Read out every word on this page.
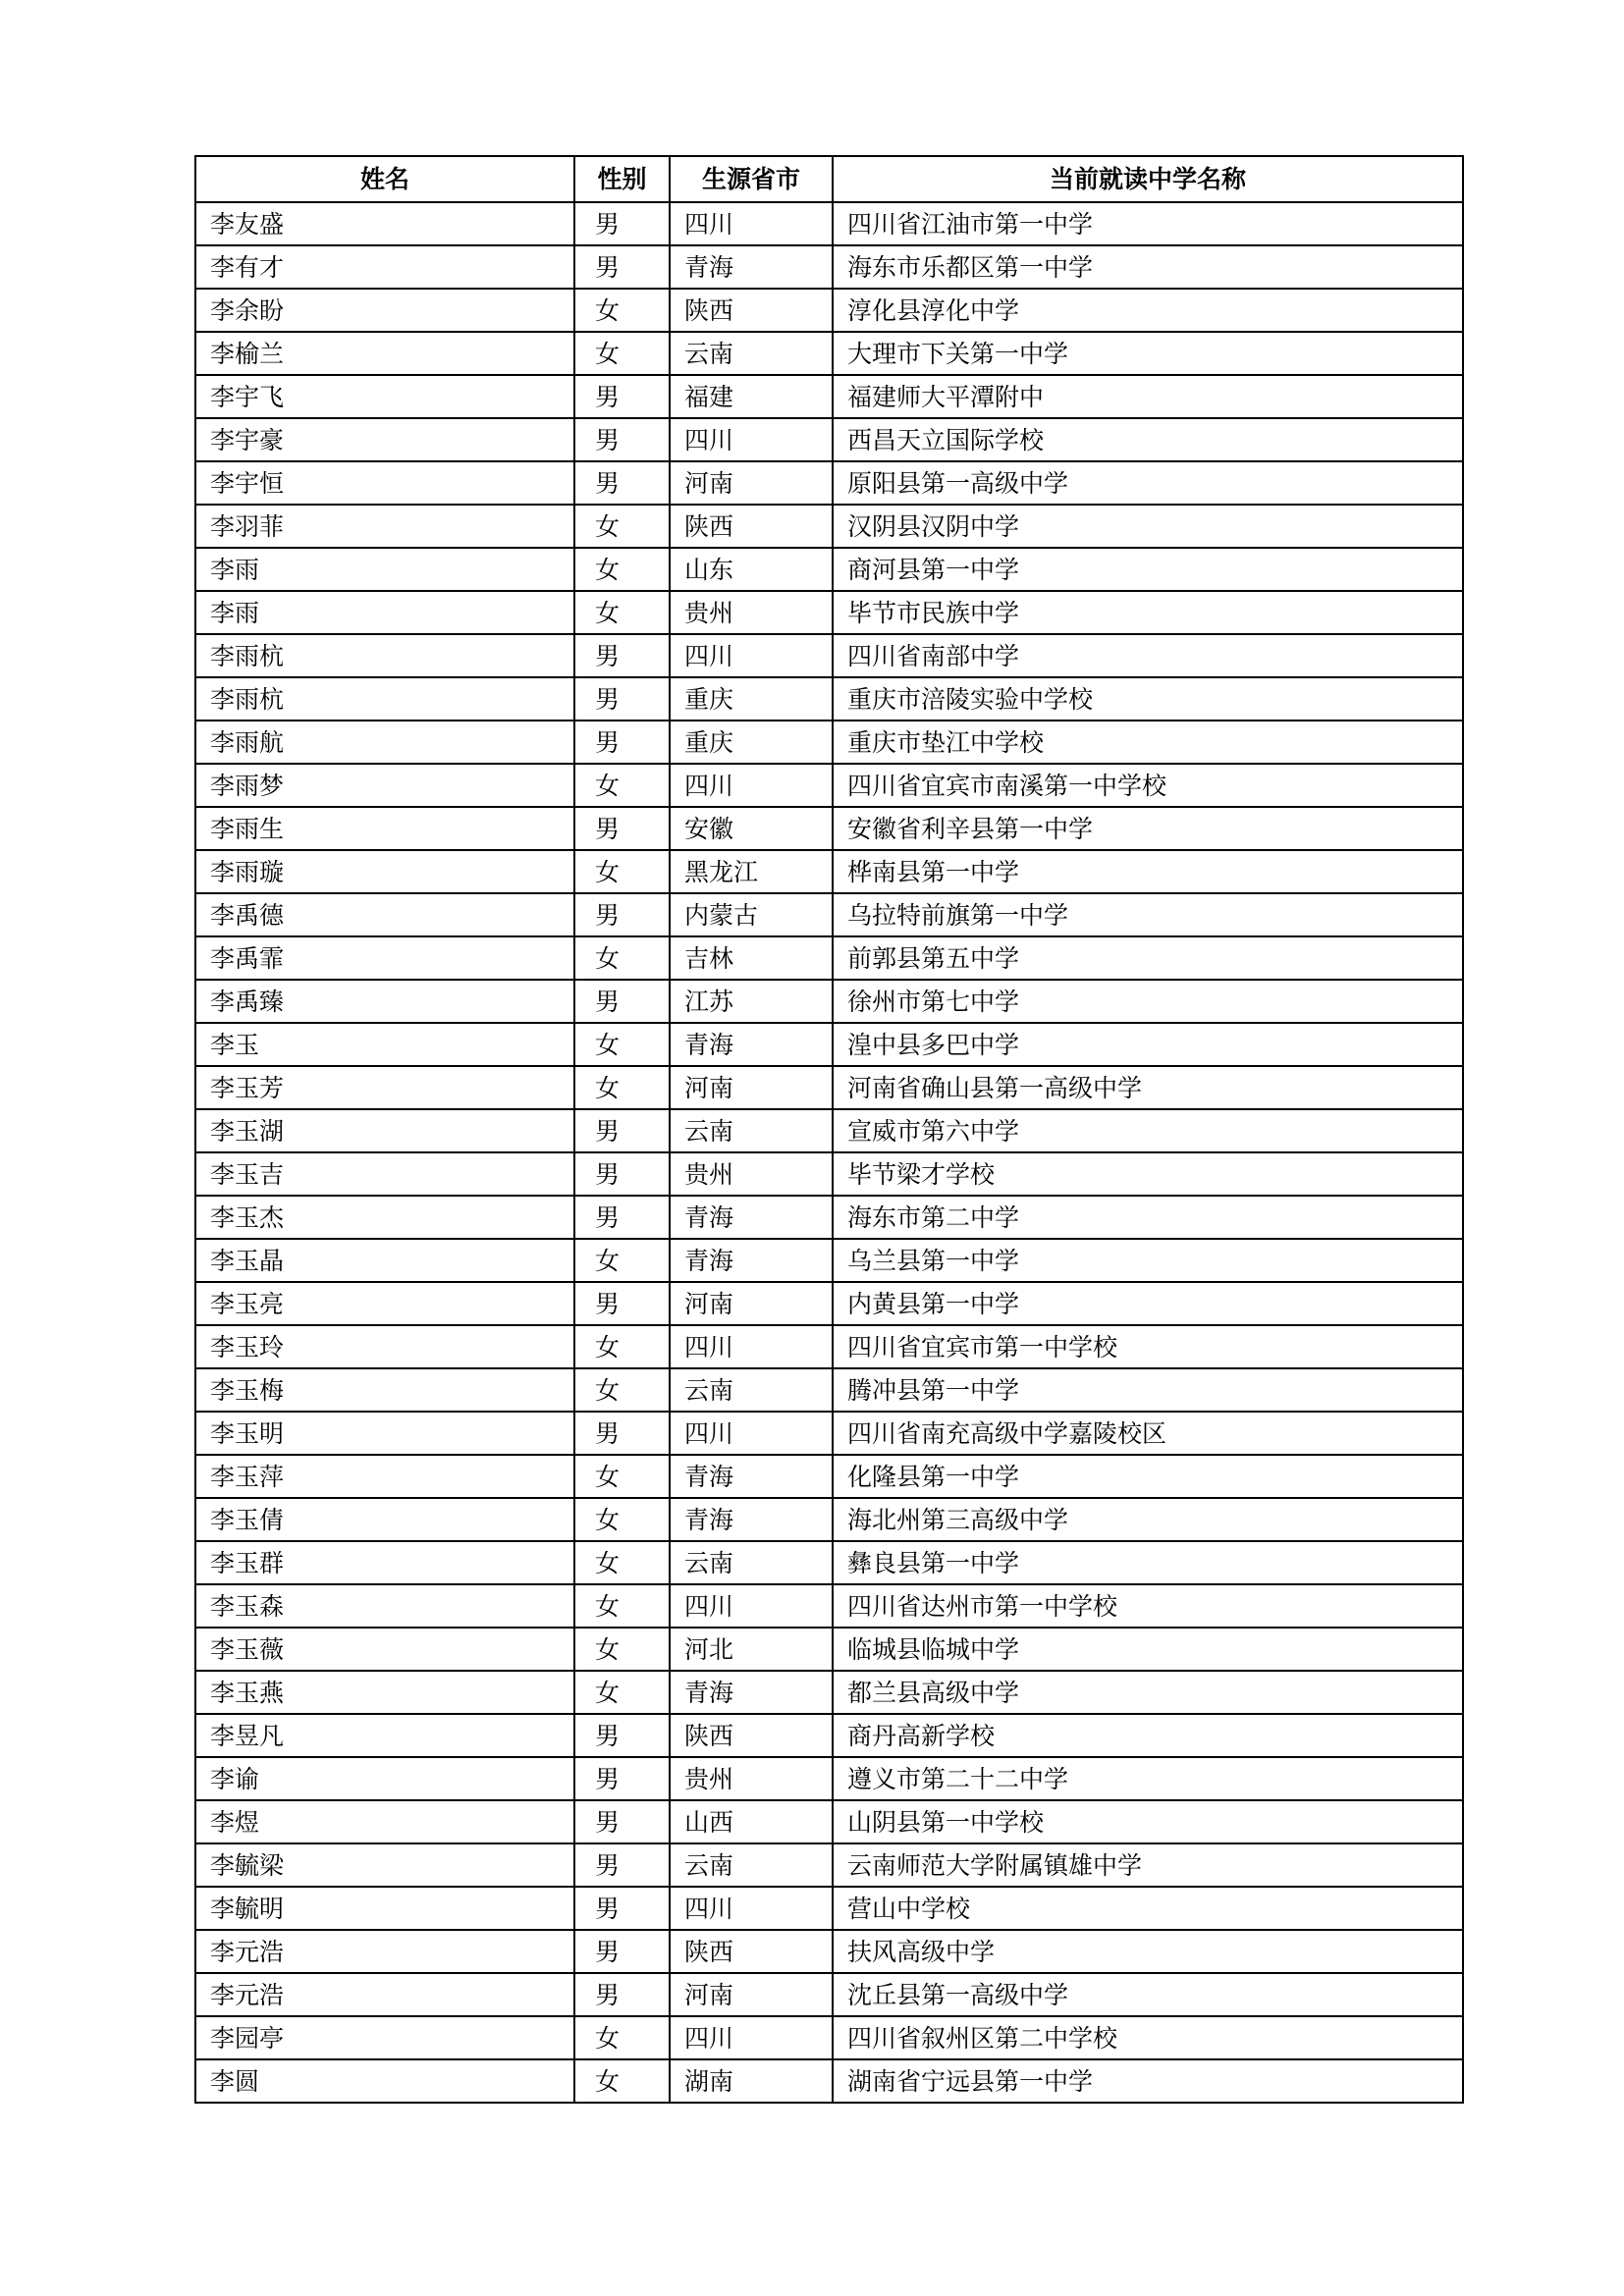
姓名	性别	生源省市	当前就读中学名称
李友盛	男	四川	四川省江油市第一中学
李有才	男	青海	海东市乐都区第一中学
李余盼	女	陕西	淳化县淳化中学
李榆兰	女	云南	大理市下关第一中学
李宇飞	男	福建	福建师大平潭附中
李宇豪	男	四川	西昌天立国际学校
李宇恒	男	河南	原阳县第一高级中学
李羽菲	女	陕西	汉阴县汉阴中学
李雨	女	山东	商河县第一中学
李雨	女	贵州	毕节市民族中学
李雨杭	男	四川	四川省南部中学
李雨杭	男	重庆	重庆市涪陵实验中学校
李雨航	男	重庆	重庆市垫江中学校
李雨梦	女	四川	四川省宜宾市南溪第一中学校
李雨生	男	安徽	安徽省利辛县第一中学
李雨璇	女	黑龙江	桦南县第一中学
李禹德	男	内蒙古	乌拉特前旗第一中学
李禹霏	女	吉林	前郭县第五中学
李禹臻	男	江苏	徐州市第七中学
李玉	女	青海	湟中县多巴中学
李玉芳	女	河南	河南省确山县第一高级中学
李玉湖	男	云南	宣威市第六中学
李玉吉	男	贵州	毕节梁才学校
李玉杰	男	青海	海东市第二中学
李玉晶	女	青海	乌兰县第一中学
李玉亮	男	河南	内黄县第一中学
李玉玲	女	四川	四川省宜宾市第一中学校
李玉梅	女	云南	腾冲县第一中学
李玉明	男	四川	四川省南充高级中学嘉陵校区
李玉萍	女	青海	化隆县第一中学
李玉倩	女	青海	海北州第三高级中学
李玉群	女	云南	彝良县第一中学
李玉森	女	四川	四川省达州市第一中学校
李玉薇	女	河北	临城县临城中学
李玉燕	女	青海	都兰县高级中学
李昱凡	男	陕西	商丹高新学校
李谕	男	贵州	遵义市第二十二中学
李煜	男	山西	山阴县第一中学校
李毓梁	男	云南	云南师范大学附属镇雄中学
李毓明	男	四川	营山中学校
李元浩	男	陕西	扶风高级中学
李元浩	男	河南	沈丘县第一高级中学
李园亭	女	四川	四川省叙州区第二中学校
李圆	女	湖南	湖南省宁远县第一中学
